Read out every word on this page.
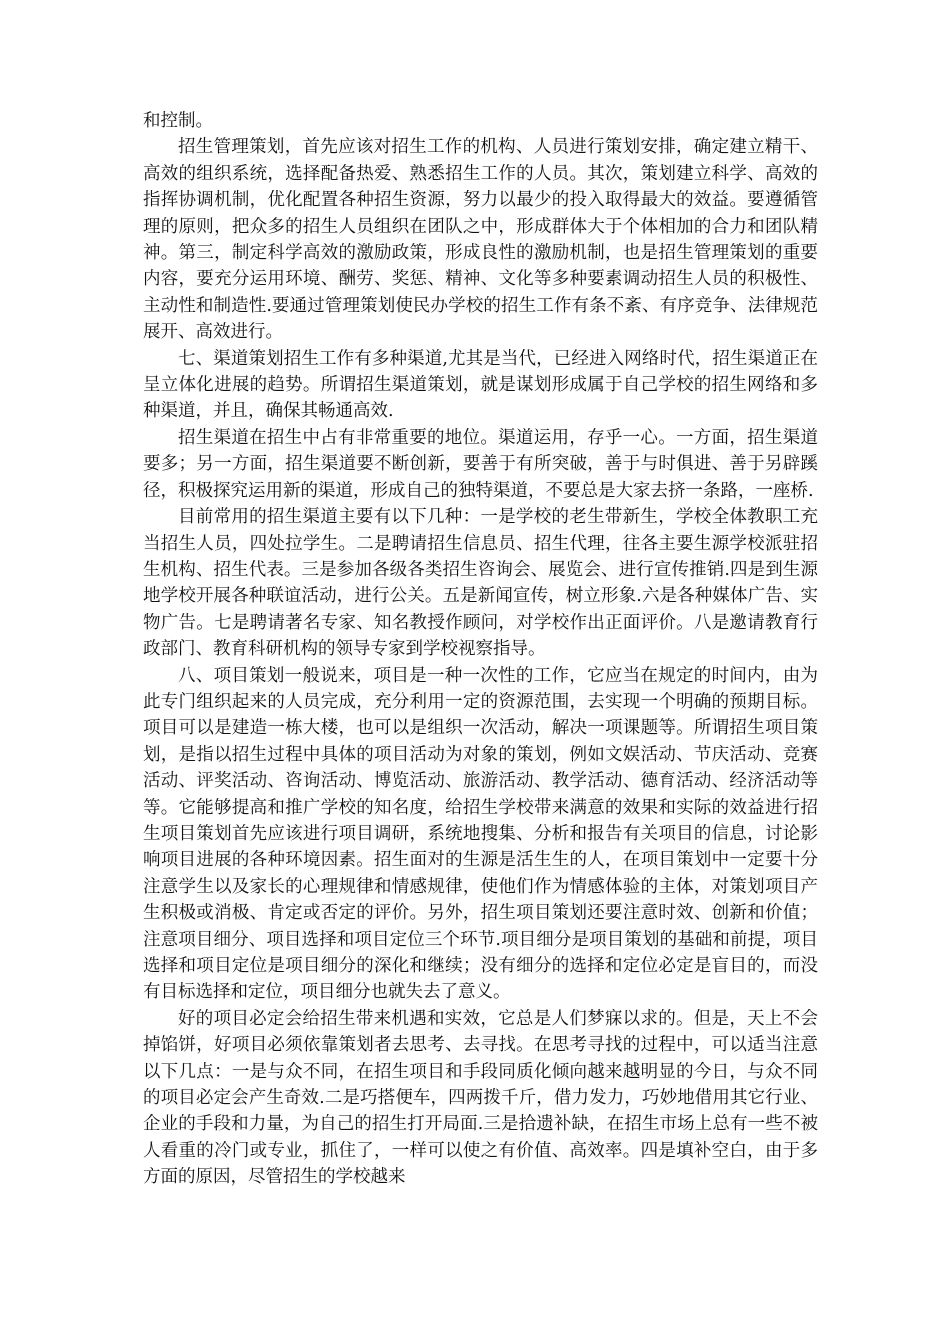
和控制。

招生管理策划，首先应该对招生工作的机构、人员进行策划安排，确定建立精干、高效的组织系统，选择配备热爱、熟悉招生工作的人员。其次，策划建立科学、高效的指挥协调机制，优化配置各种招生资源，努力以最少的投入取得最大的效益。要遵循管理的原则，把众多的招生人员组织在团队之中，形成群体大于个体相加的合力和团队精神。第三，制定科学高效的激励政策，形成良性的激励机制，也是招生管理策划的重要内容，要充分运用环境、酬劳、奖惩、精神、文化等多种要素调动招生人员的积极性、主动性和制造性.要通过管理策划使民办学校的招生工作有条不紊、有序竞争、法律规范展开、高效进行。

七、渠道策划招生工作有多种渠道,尤其是当代，已经进入网络时代，招生渠道正在呈立体化进展的趋势。所谓招生渠道策划，就是谋划形成属于自己学校的招生网络和多种渠道，并且，确保其畅通高效.

招生渠道在招生中占有非常重要的地位。渠道运用，存乎一心。一方面，招生渠道要多；另一方面，招生渠道要不断创新，要善于有所突破，善于与时俱进、善于另辟蹊径，积极探究运用新的渠道，形成自己的独特渠道，不要总是大家去挤一条路，一座桥.

目前常用的招生渠道主要有以下几种：一是学校的老生带新生，学校全体教职工充当招生人员，四处拉学生。二是聘请招生信息员、招生代理，往各主要生源学校派驻招生机构、招生代表。三是参加各级各类招生咨询会、展览会、进行宣传推销.四是到生源地学校开展各种联谊活动，进行公关。五是新闻宣传，树立形象.六是各种媒体广告、实物广告。七是聘请著名专家、知名教授作顾问，对学校作出正面评价。八是邀请教育行政部门、教育科研机构的领导专家到学校视察指导。

八、项目策划一般说来，项目是一种一次性的工作，它应当在规定的时间内，由为此专门组织起来的人员完成，充分利用一定的资源范围，去实现一个明确的预期目标。项目可以是建造一栋大楼，也可以是组织一次活动，解决一项课题等。所谓招生项目策划，是指以招生过程中具体的项目活动为对象的策划，例如文娱活动、节庆活动、竞赛活动、评奖活动、咨询活动、博览活动、旅游活动、教学活动、德育活动、经济活动等等。它能够提高和推广学校的知名度，给招生学校带来满意的效果和实际的效益进行招生项目策划首先应该进行项目调研，系统地搜集、分析和报告有关项目的信息，讨论影响项目进展的各种环境因素。招生面对的生源是活生生的人，在项目策划中一定要十分注意学生以及家长的心理规律和情感规律，使他们作为情感体验的主体，对策划项目产生积极或消极、肯定或否定的评价。另外，招生项目策划还要注意时效、创新和价值；注意项目细分、项目选择和项目定位三个环节.项目细分是项目策划的基础和前提，项目选择和项目定位是项目细分的深化和继续；没有细分的选择和定位必定是盲目的，而没有目标选择和定位，项目细分也就失去了意义。

好的项目必定会给招生带来机遇和实效，它总是人们梦寐以求的。但是，天上不会掉馅饼，好项目必须依靠策划者去思考、去寻找。在思考寻找的过程中，可以适当注意以下几点：一是与众不同，在招生项目和手段同质化倾向越来越明显的今日，与众不同的项目必定会产生奇效.二是巧搭便车，四两拨千斤，借力发力，巧妙地借用其它行业、企业的手段和力量，为自己的招生打开局面.三是拾遗补缺，在招生市场上总有一些不被人看重的冷门或专业，抓住了，一样可以使之有价值、高效率。四是填补空白，由于多方面的原因，尽管招生的学校越来
